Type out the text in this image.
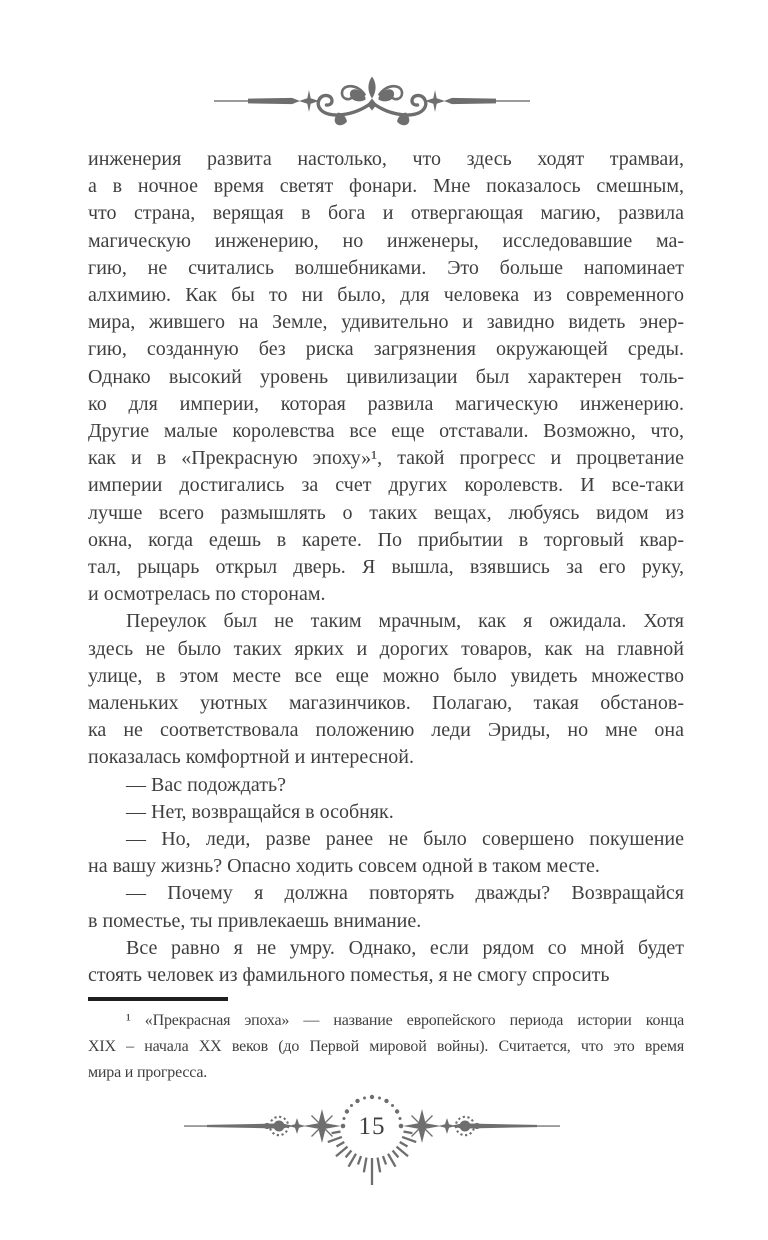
инженерия развита настолько, что здесь ходят трамваи,
а в ночное время светят фонари. Мне показалось смешным,
что страна, верящая в бога и отвергающая магию, развила
магическую инженерию, но инженеры, исследовавшие ма-
гию, не считались волшебниками. Это больше напоминает
алхимию. Как бы то ни было, для человека из современного
мира, жившего на Земле, удивительно и завидно видеть энер-
гию, созданную без риска загрязнения окружающей среды.
Однако высокий уровень цивилизации был характерен толь-
ко для империи, которая развила магическую инженерию.
Другие малые королевства все еще отставали. Возможно, что,
как и в «Прекрасную эпоху»¹, такой прогресс и процветание
империи достигались за счет других королевств. И все-таки
лучше всего размышлять о таких вещах, любуясь видом из
окна, когда едешь в карете. По прибытии в торговый квар-
тал, рыцарь открыл дверь. Я вышла, взявшись за его руку,
и осмотрелась по сторонам.
Переулок был не таким мрачным, как я ожидала. Хотя
здесь не было таких ярких и дорогих товаров, как на главной
улице, в этом месте все еще можно было увидеть множество
маленьких уютных магазинчиков. Полагаю, такая обстанов-
ка не соответствовала положению леди Эриды, но мне она
показалась комфортной и интересной.
— Вас подождать?
— Нет, возвращайся в особняк.
— Но, леди, разве ранее не было совершено покушение
на вашу жизнь? Опасно ходить совсем одной в таком месте.
— Почему я должна повторять дважды? Возвращайся
в поместье, ты привлекаешь внимание.
Все равно я не умру. Однако, если рядом со мной будет
стоять человек из фамильного поместья, я не смогу спросить
¹ «Прекрасная эпоха» — название европейского периода истории конца
XIX – начала XX веков (до Первой мировой войны). Считается, что это время
мира и прогресса.
15
